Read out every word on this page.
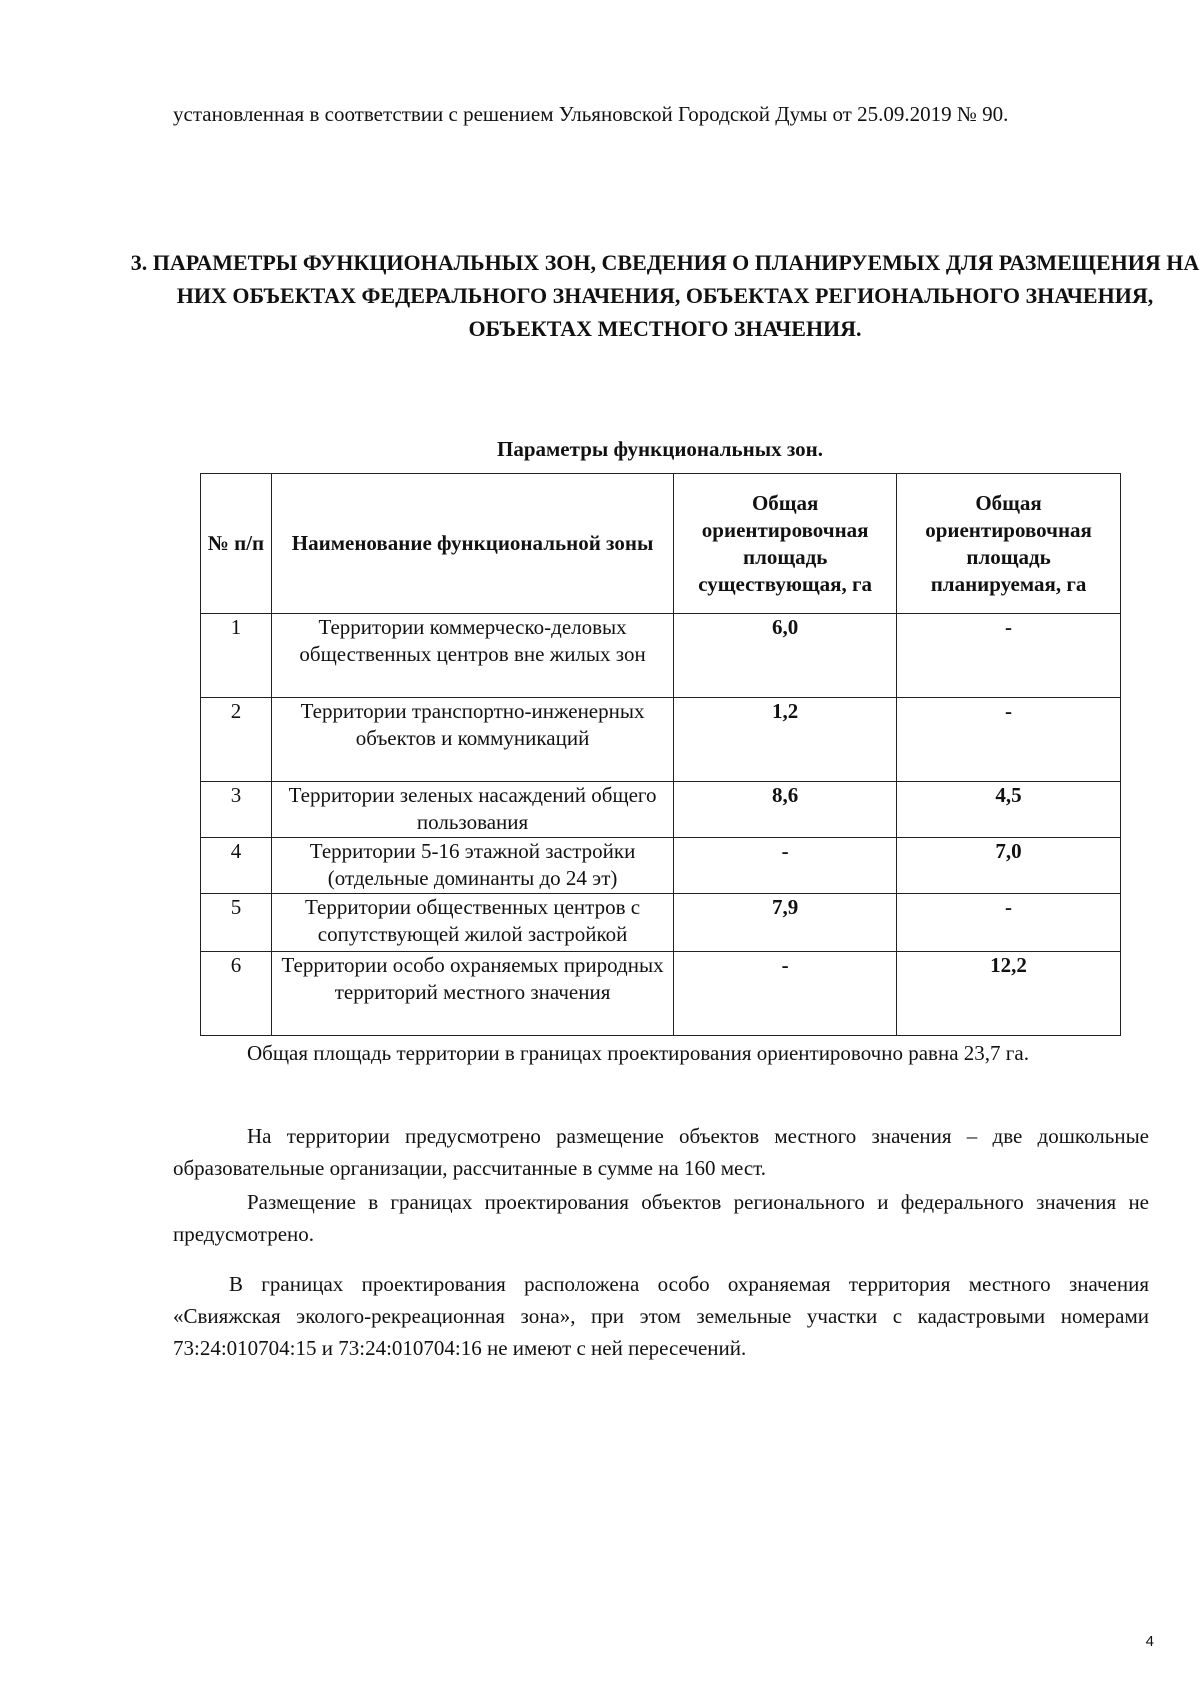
установленная в соответствии с решением Ульяновской Городской Думы от 25.09.2019 № 90.

3. ПАРАМЕТРЫ ФУНКЦИОНАЛЬНЫХ ЗОН, СВЕДЕНИЯ О ПЛАНИРУЕМЫХ ДЛЯ РАЗМЕЩЕНИЯ НА НИХ ОБЪЕКТАХ ФЕДЕРАЛЬНОГО ЗНАЧЕНИЯ, ОБЪЕКТАХ РЕГИОНАЛЬНОГО ЗНАЧЕНИЯ, ОБЪЕКТАХ МЕСТНОГО ЗНАЧЕНИЯ.

Параметры функциональных зон.

№ п/п	Наименование функциональной зоны	Общая ориентировочная площадь существующая, га	Общая ориентировочная площадь планируемая, га
1	Территории коммерческо-деловых общественных центров вне жилых зон	6,0	-
2	Территории транспортно-инженерных объектов и коммуникаций	1,2	-
3	Территории зеленых насаждений общего пользования	8,6	4,5
4	Территории 5-16 этажной застройки (отдельные доминанты до 24 эт)	-	7,0
5	Территории общественных центров с сопутствующей жилой застройкой	7,9	-
6	Территории особо охраняемых природных территорий местного значения	-	12,2

Общая площадь территории в границах проектирования ориентировочно равна 23,7 га.

На территории предусмотрено размещение объектов местного значения – две дошкольные образовательные организации, рассчитанные в сумме на 160 мест.

Размещение в границах проектирования объектов регионального и федерального значения не предусмотрено.

В границах проектирования расположена особо охраняемая территория местного значения «Свияжская эколого-рекреационная зона», при этом земельные участки с кадастровыми номерами 73:24:010704:15 и 73:24:010704:16 не имеют с ней пересечений.

4
